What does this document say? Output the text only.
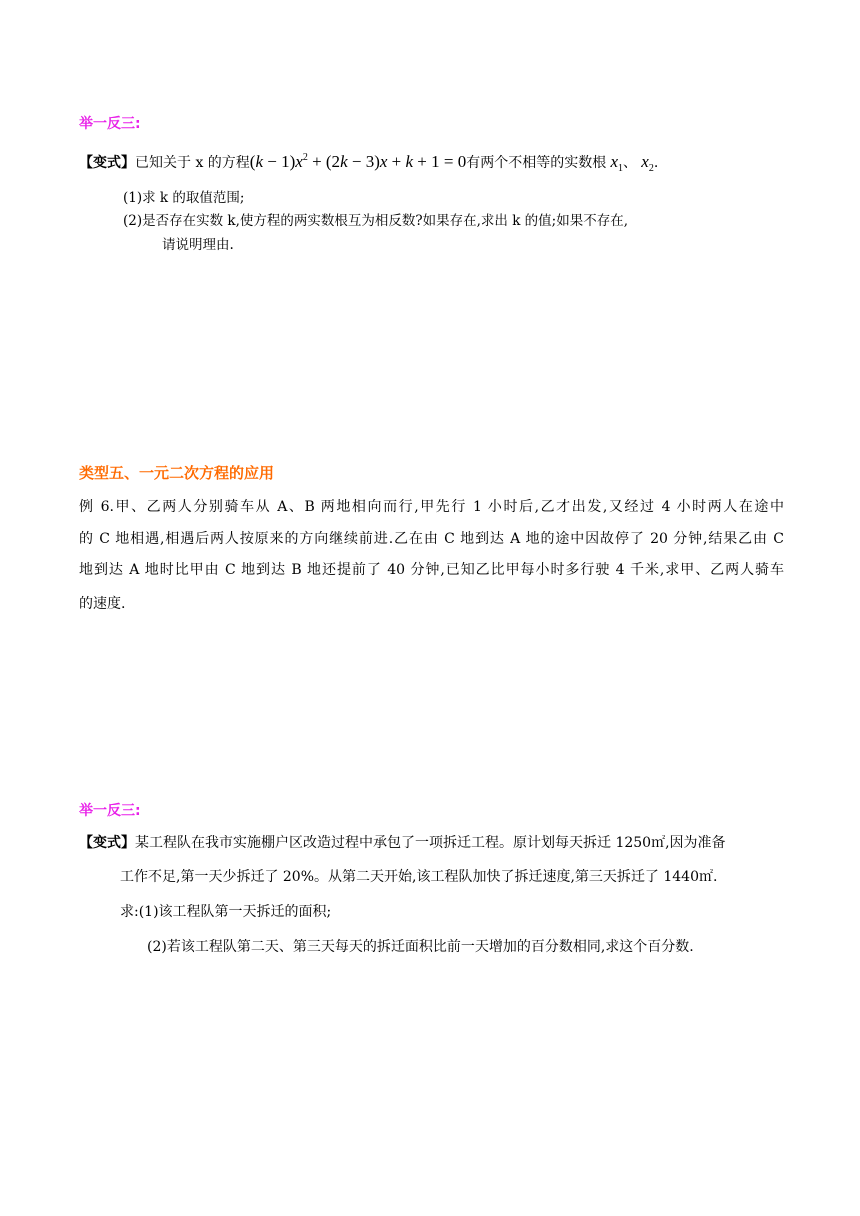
举一反三:
【变式】已知关于 x 的方程$(k - 1)x^2 + (2k - 3)x + k + 1 = 0$有两个不相等的实数根 $x_1$、 $x_2$.
(1)求 k 的取值范围;
(2)是否存在实数 k,使方程的两实数根互为相反数?如果存在,求出 k 的值;如果不存在,
请说明理由.
类型五、一元二次方程的应用
例 6.甲、乙两人分别骑车从 A、B 两地相向而行,甲先行 1 小时后,乙才出发,又经过 4 小时两人在途中
的 C 地相遇,相遇后两人按原来的方向继续前进.乙在由 C 地到达 A 地的途中因故停了 20 分钟,结果乙由 C
地到达 A 地时比甲由 C 地到达 B 地还提前了 40 分钟,已知乙比甲每小时多行驶 4 千米,求甲、乙两人骑车
的速度.
举一反三:
【变式】某工程队在我市实施棚户区改造过程中承包了一项拆迁工程。原计划每天拆迁 1250㎡,因为准备
工作不足,第一天少拆迁了 20%。从第二天开始,该工程队加快了拆迁速度,第三天拆迁了 1440㎡.
求:(1)该工程队第一天拆迁的面积;
(2)若该工程队第二天、第三天每天的拆迁面积比前一天增加的百分数相同,求这个百分数.
